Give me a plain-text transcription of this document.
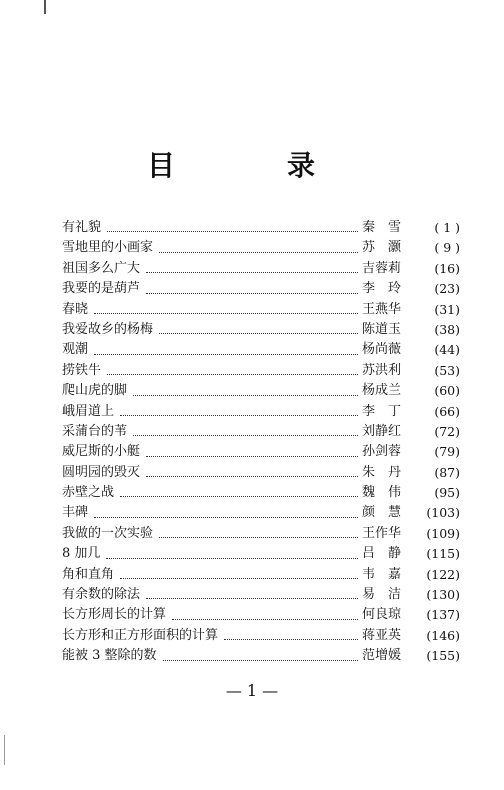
目　录
有礼貌	秦　雪	( 1 )
雪地里的小画家	苏　灏	( 9 )
祖国多么广大	吉蓉莉	(16)
我要的是葫芦	李　玲	(23)
春晓	王燕华	(31)
我爱故乡的杨梅	陈道玉	(38)
观潮	杨尚薇	(44)
捞铁牛	苏洪利	(53)
爬山虎的脚	杨成兰	(60)
峨眉道上	李　丁	(66)
采蒲台的苇	刘静红	(72)
威尼斯的小艇	孙剑蓉	(79)
圆明园的毁灭	朱　丹	(87)
赤壁之战	魏　伟	(95)
丰碑	颜　慧	(103)
我做的一次实验	王作华	(109)
8 加几	吕　静	(115)
角和直角	韦　嘉	(122)
有余数的除法	易　洁	(130)
长方形周长的计算	何良琼	(137)
长方形和正方形面积的计算	蒋亚英	(146)
能被 3 整除的数	范增媛	(155)
— 1 —
